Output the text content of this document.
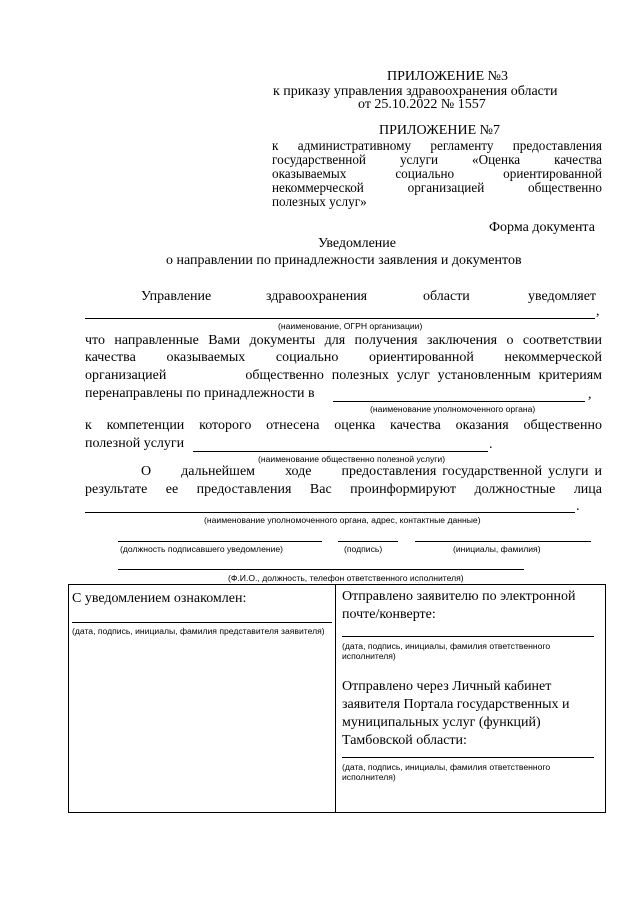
ПРИЛОЖЕНИЕ №3
к приказу управления здравоохранения области
от 25.10.2022 № 1557
ПРИЛОЖЕНИЕ №7
к административному регламенту предоставления
государственной    услуги    «Оценка    качества
оказываемых      социально      ориентированной
некоммерческой     организацией     общественно
полезных услуг»
Форма документа
Уведомление
о направлении по принадлежности заявления и документов
Управление	здравоохранения	области	уведомляет
,
(наименование, ОГРН организации)
что направленные Вами документы для получения заключения о соответствии
качества     оказываемых     социально     ориентированной     некоммерческой
организацией          общественно полезных услуг установленным критериям
перенаправлены по принадлежности в	,
(наименование уполномоченного органа)
к компетенции которого отнесена оценка качества оказания общественно
полезной услуги	.
(наименование общественно полезной услуги)
О     дальнейшем     ходе     предоставления государственной услуги и
результате  ее  предоставления  Вас  проинформируют  должностные  лица
.
(наименование уполномоченного органа, адрес, контактные данные)
(должность подписавшего уведомление)	(подпись)	(инициалы, фамилия)
(Ф.И.О., должность, телефон ответственного исполнителя)
С уведомлением ознакомлен:
(дата, подпись, инициалы, фамилия представителя заявителя)
Отправлено заявителю по электронной почте/конверте:
(дата, подпись, инициалы, фамилия ответственного исполнителя)
Отправлено через Личный кабинет заявителя Портала государственных и муниципальных услуг (функций) Тамбовской области:
(дата, подпись, инициалы, фамилия ответственного исполнителя)
